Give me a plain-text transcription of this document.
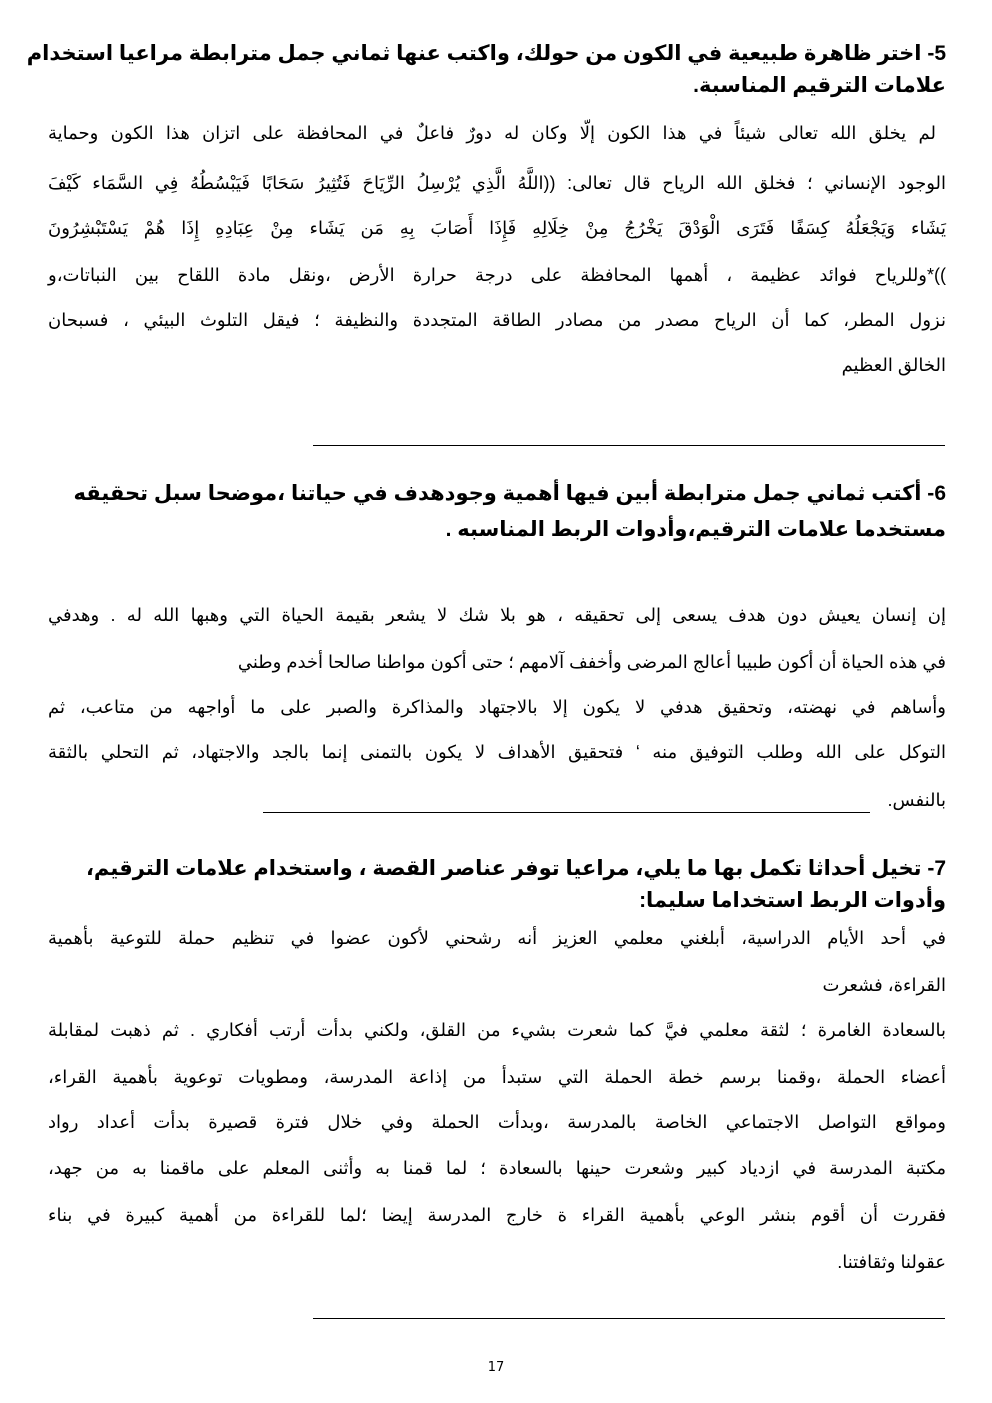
5- اختر ظاهرة طبيعية في الكون من حولك، واكتب عنها ثماني جمل مترابطة مراعيا استخدام
علامات الترقيم المناسبة.
لم يخلق الله تعالى شيئاً في هذا الكون إلّا وكان له دورٌ فاعلٌ في المحافظة على اتزان هذا الكون وحماية
الوجود الإنساني ؛ فخلق الله الرياح قال تعالى: ((اللَّهُ الَّذِي يُرْسِلُ الرِّيَاحَ فَتُثِيرُ سَحَابًا فَيَبْسُطُهُ فِي السَّمَاء كَيْفَ
يَشَاء وَيَجْعَلُهُ كِسَفًا فَتَرَى الْوَدْقَ يَخْرُجُ مِنْ خِلَالِهِ فَإِذَا أَصَابَ بِهِ مَن يَشَاء مِنْ عِبَادِهِ إِذَا هُمْ يَسْتَبْشِرُونَ
))*وللرياح فوائد عظيمة ، أهمها المحافظة على درجة حرارة الأرض ،ونقل مادة اللقاح بين النباتات،و
نزول المطر، كما أن الرياح مصدر من مصادر الطاقة المتجددة والنظيفة ؛ فيقل التلوث البيئي ، فسبحان
الخالق العظيم
6- أكتب ثماني جمل مترابطة أبين فيها أهمية وجودهدف في حياتنا ،موضحا سبل تحقيقه
مستخدما علامات الترقيم،وأدوات الربط المناسبه .
إن إنسان يعيش دون هدف يسعى إلى تحقيقه ، هو بلا شك لا يشعر بقيمة الحياة التي وهبها الله له . وهدفي
في هذه الحياة أن أكون طبيبا أعالج المرضى وأخفف آلامهم ؛ حتى أكون مواطنا صالحا أخدم وطني
وأساهم في نهضته، وتحقيق هدفي لا يكون إلا بالاجتهاد والمذاكرة والصبر على ما أواجهه من متاعب، ثم
التوكل على الله وطلب التوفيق منه ‘ فتحقيق الأهداف لا يكون بالتمنى إنما بالجد والاجتهاد، ثم التحلي بالثقة
بالنفس.
7- تخيل أحداثا تكمل بها ما يلي، مراعيا توفر عناصر القصة ، واستخدام علامات الترقيم،
وأدوات الربط استخداما سليما:
في أحد الأيام الدراسية، أبلغني معلمي العزيز أنه رشحني لأكون عضوا في تنظيم حملة للتوعية بأهمية
القراءة، فشعرت
بالسعادة الغامرة ؛ لثقة معلمي فيَّ كما شعرت بشيء من القلق، ولكني بدأت أرتب أفكاري . ثم ذهبت لمقابلة
أعضاء الحملة ،وقمنا برسم خطة الحملة التي ستبدأ من إذاعة المدرسة، ومطويات توعوية بأهمية القراء،
ومواقع التواصل الاجتماعي الخاصة بالمدرسة ،وبدأت الحملة وفي خلال فترة قصيرة بدأت أعداد رواد
مكتبة المدرسة في ازدياد كبير وشعرت حينها بالسعادة ؛ لما قمنا به وأثنى المعلم على ماقمنا به من جهد،
فقررت أن أقوم بنشر الوعي بأهمية القراء ة خارج المدرسة إيضا ؛لما للقراءة من أهمية كبيرة في بناء
عقولنا وثقافتنا.
17
